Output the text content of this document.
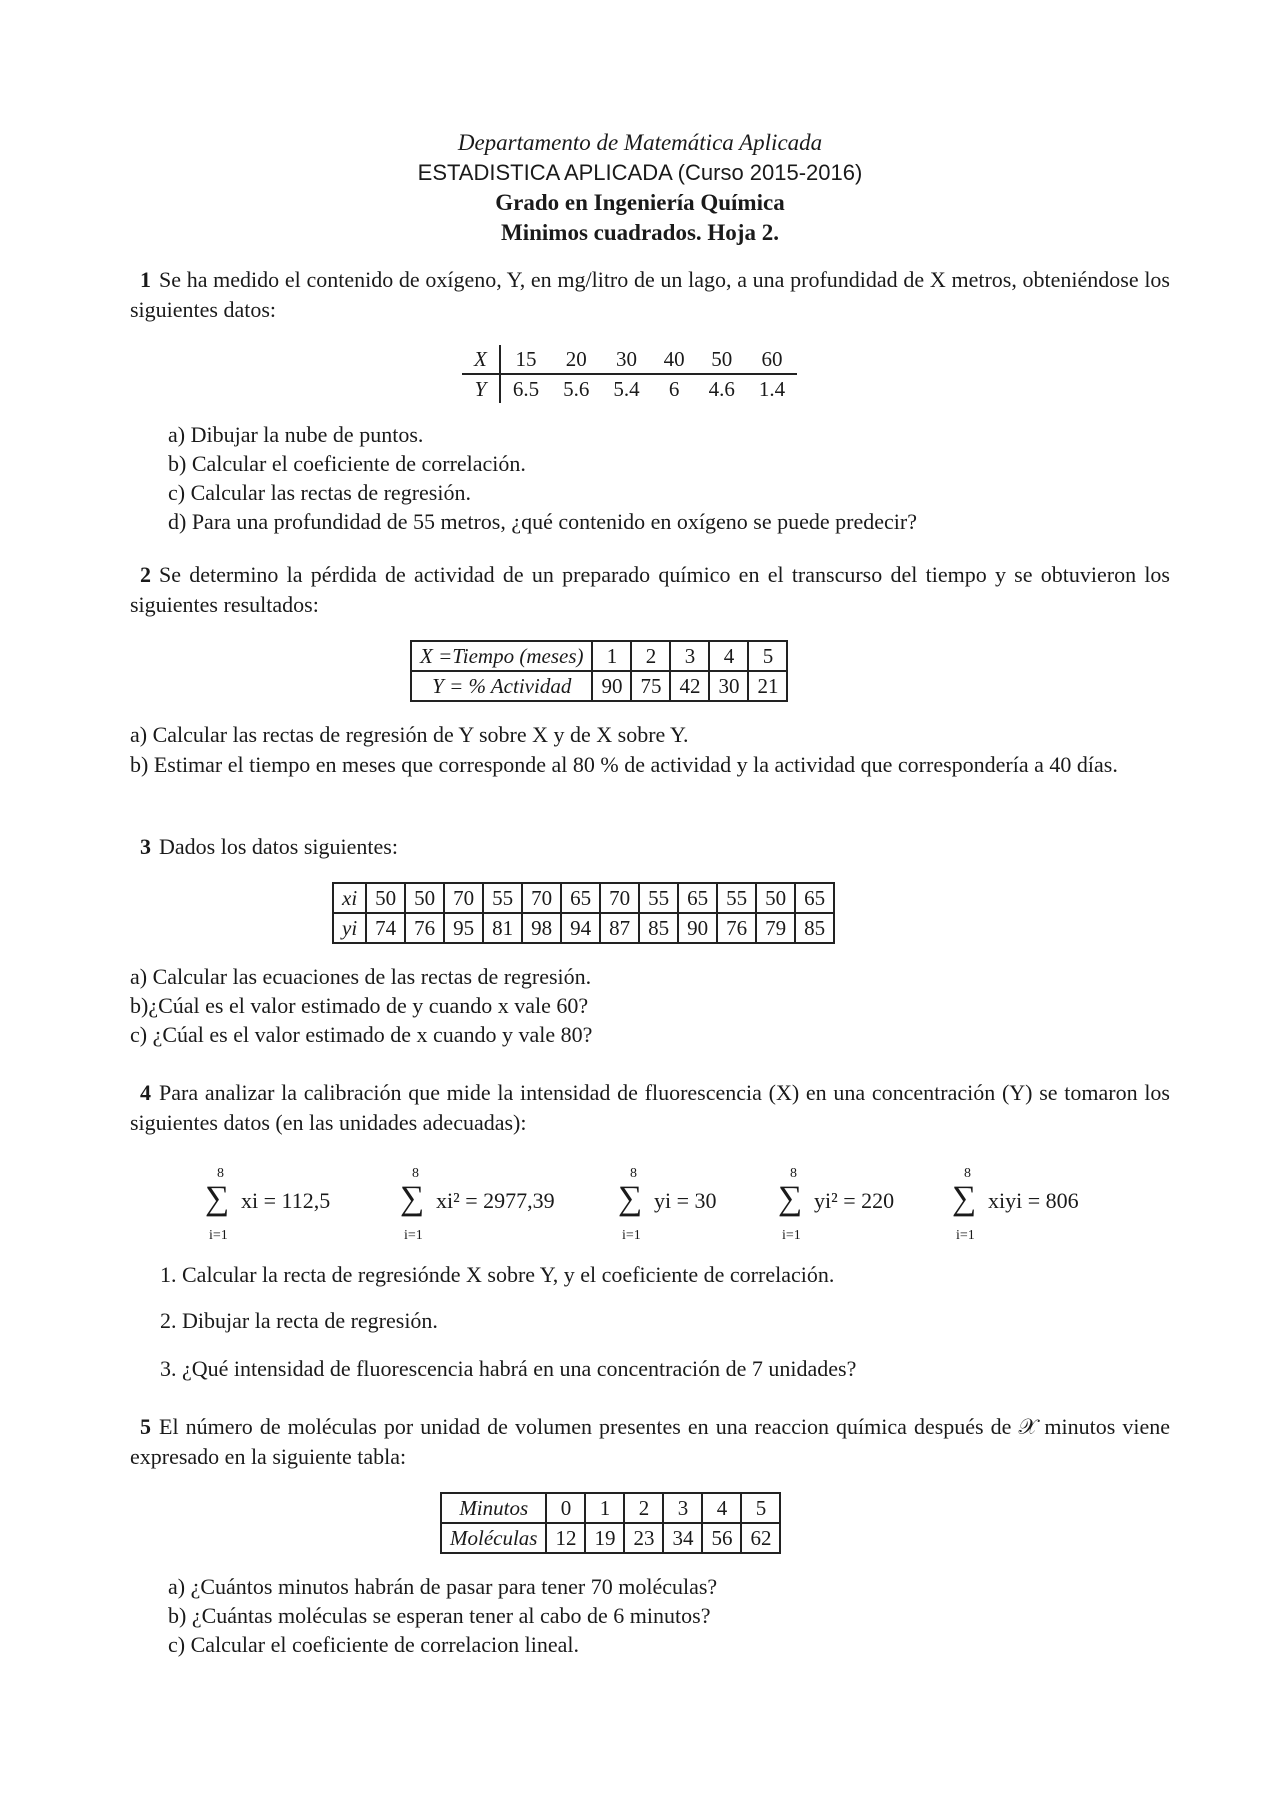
Departamento de Matemática Aplicada
ESTADISTICA APLICADA (Curso 2015-2016)
Grado en Ingeniería Química
Minimos cuadrados. Hoja 2.
1 Se ha medido el contenido de oxígeno, Y, en mg/litro de un lago, a una profundidad de X metros, obteniéndose los siguientes datos:
X	15	20	30	40	50	60
Y	6.5	5.6	5.4	6	4.6	1.4
a) Dibujar la nube de puntos.
b) Calcular el coeficiente de correlación.
c) Calcular las rectas de regresión.
d) Para una profundidad de 55 metros, ¿qué contenido en oxígeno se puede predecir?
2 Se determino la pérdida de actividad de un preparado químico en el transcurso del tiempo y se obtuvieron los siguientes resultados:
X =Tiempo (meses)	1	2	3	4	5
Y = % Actividad	90	75	42	30	21
a) Calcular las rectas de regresión de Y sobre X y de X sobre Y.
b) Estimar el tiempo en meses que corresponde al 80 % de actividad y la actividad que correspondería a 40 días.
3 Dados los datos siguientes:
xi	50	50	70	55	70	65	70	55	65	55	50	65
yi	74	76	95	81	98	94	87	85	90	76	79	85
a) Calcular las ecuaciones de las rectas de regresión.
b)¿Cúal es el valor estimado de y cuando x vale 60?
c) ¿Cúal es el valor estimado de x cuando y vale 80?
4 Para analizar la calibración que mide la intensidad de fluorescencia (X) en una concentración (Y) se tomaron los siguientes datos (en las unidades adecuadas):
8
∑
i=1
xi = 112,5
8
∑
i=1
xi² = 2977,39
8
∑
i=1
yi = 30
8
∑
i=1
yi² = 220
8
∑
i=1
xiyi = 806
1. Calcular la recta de regresiónde X sobre Y, y el coeficiente de correlación.
2. Dibujar la recta de regresión.
3. ¿Qué intensidad de fluorescencia habrá en una concentración de 7 unidades?
5 El número de moléculas por unidad de volumen presentes en una reaccion química después de 𝒳 minutos viene expresado en la siguiente tabla:
Minutos	0	1	2	3	4	5
Moléculas	12	19	23	34	56	62
a) ¿Cuántos minutos habrán de pasar para tener 70 moléculas?
b) ¿Cuántas moléculas se esperan tener al cabo de 6 minutos?
c) Calcular el coeficiente de correlacion lineal.
